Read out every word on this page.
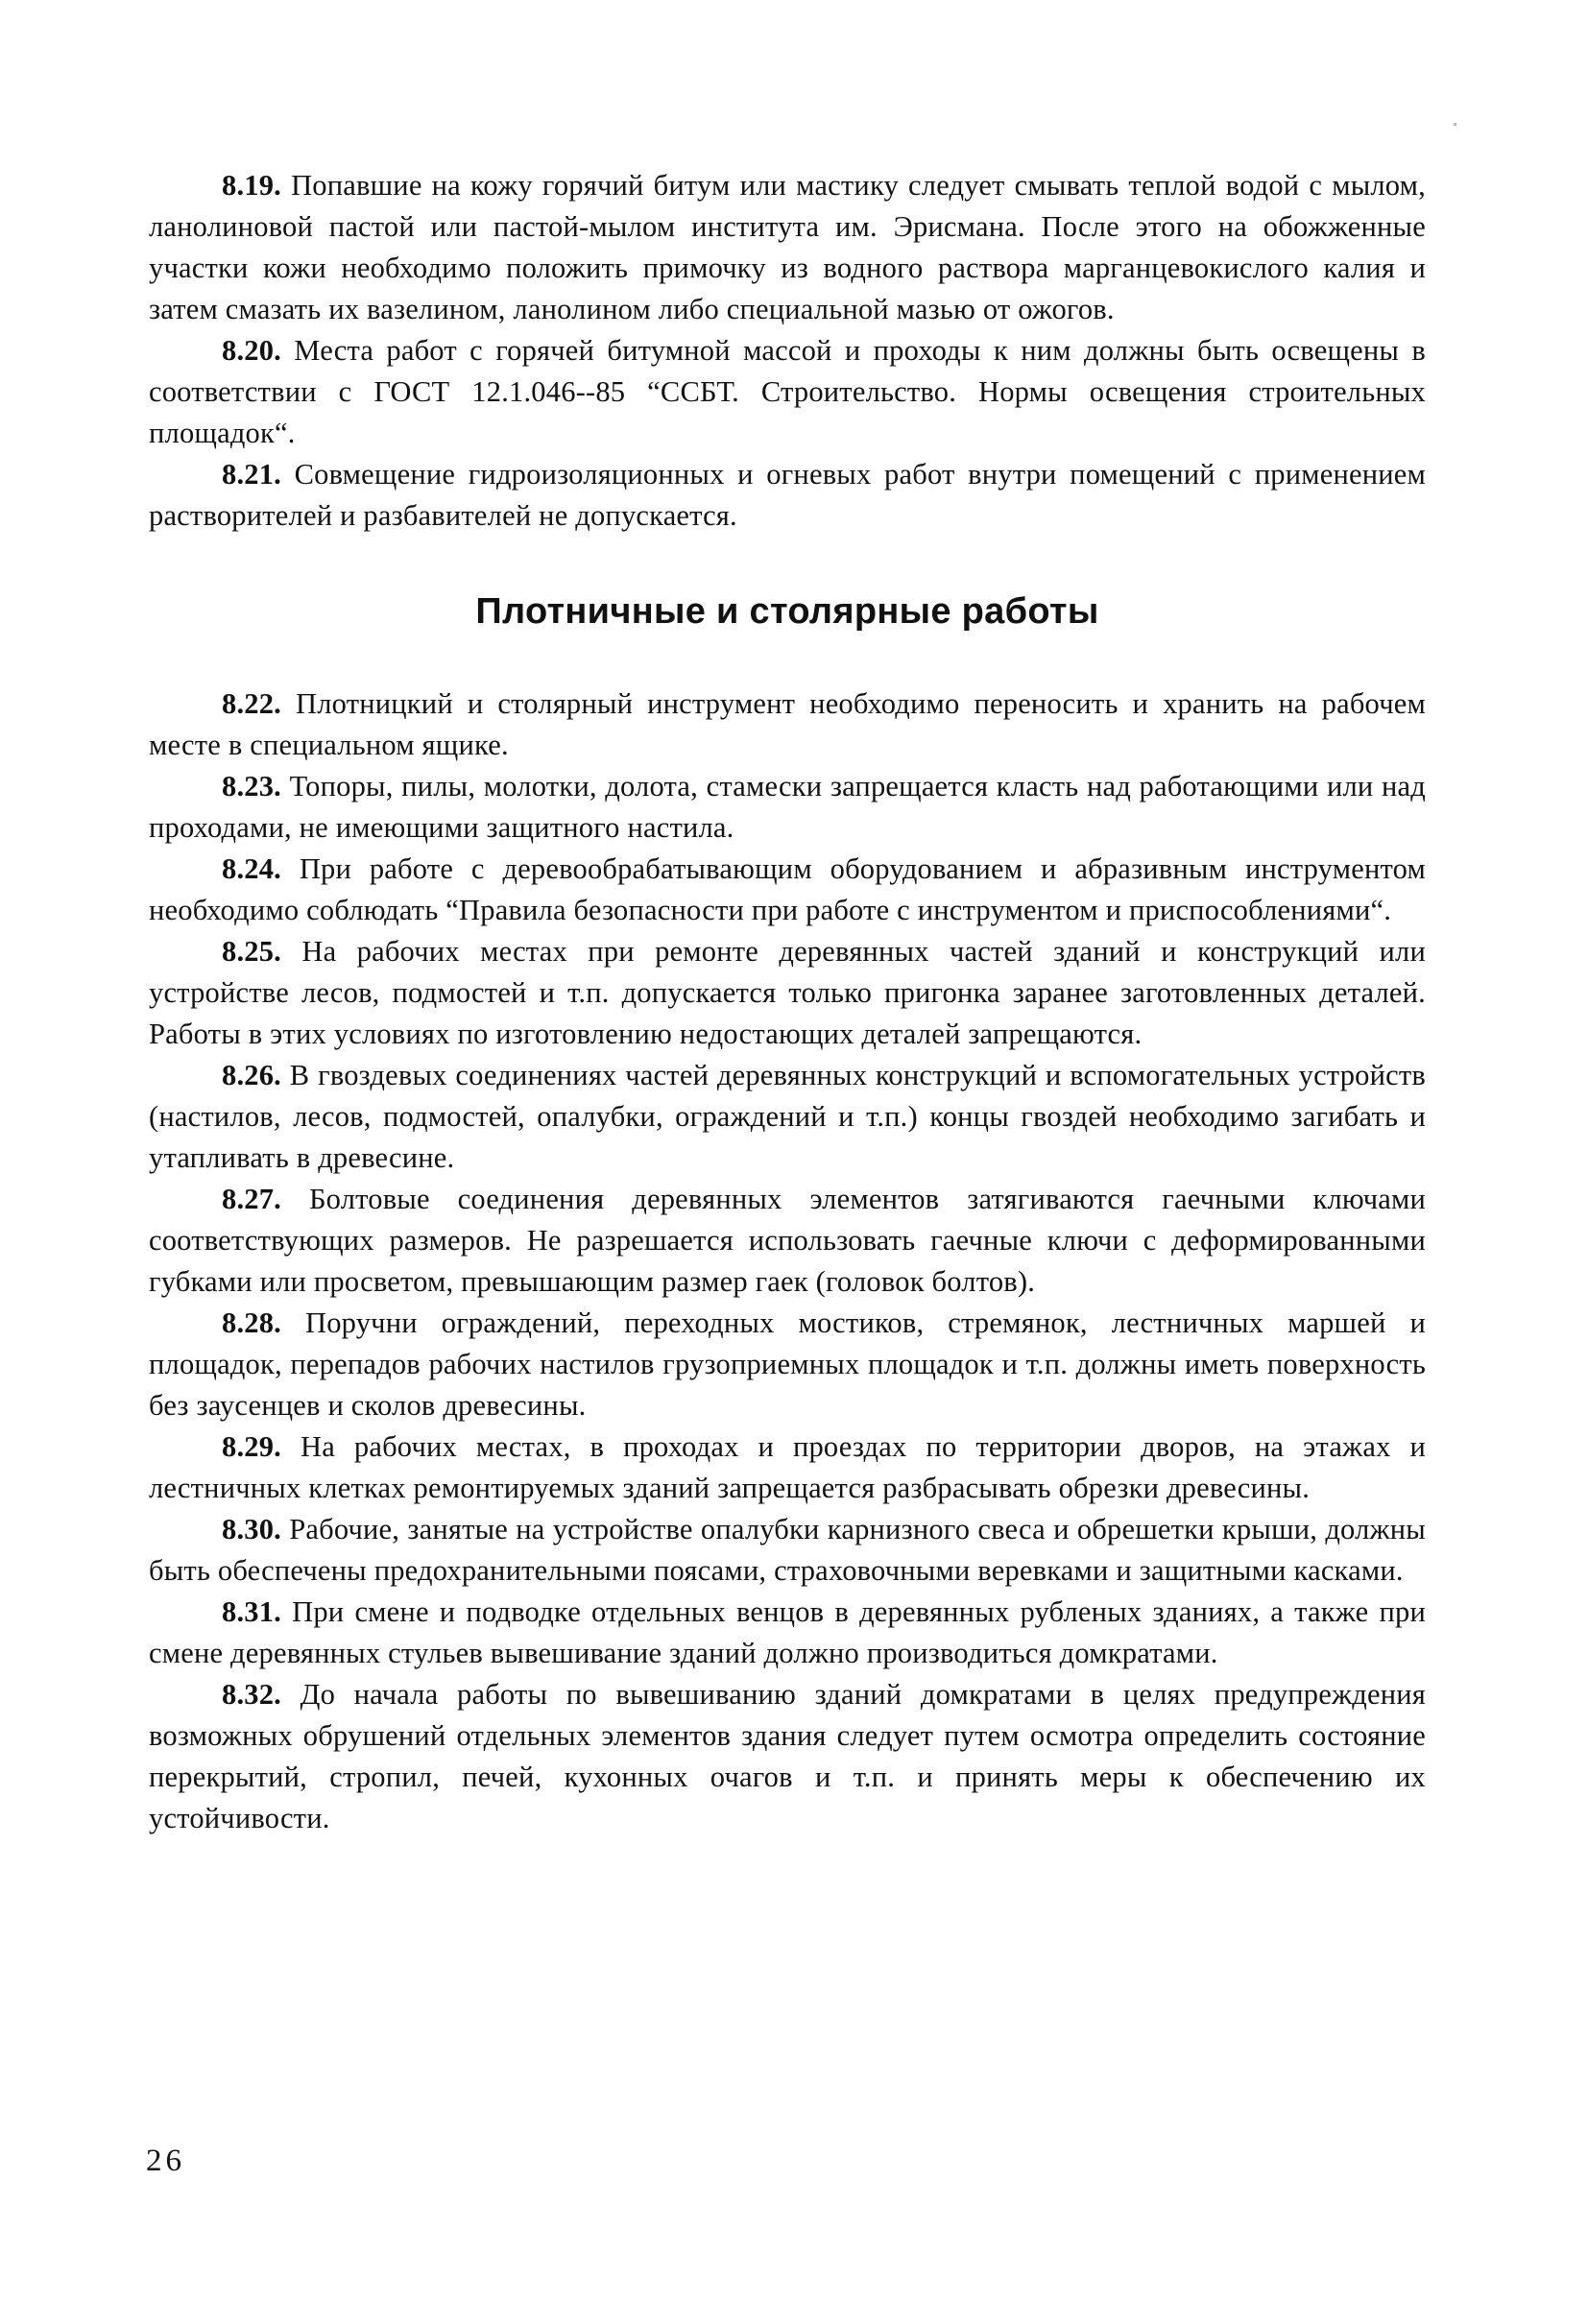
8.19. Попавшие на кожу горячий битум или мастику следует смывать теплой водой с мылом, ланолиновой пастой или пастой-мылом института им. Эрисмана. После этого на обожженные участки кожи необходимо положить примочку из водного раствора марганцевокислого калия и затем смазать их вазелином, ланолином либо специальной мазью от ожогов.

8.20. Места работ с горячей битумной массой и проходы к ним должны быть освещены в соответствии с ГОСТ 12.1.046--85 “ССБТ. Строительство. Нормы освещения строительных площадок“.

8.21. Совмещение гидроизоляционных и огневых работ внутри помещений с применением растворителей и разбавителей не допускается.

Плотничные и столярные работы

8.22. Плотницкий и столярный инструмент необходимо переносить и хранить на рабочем месте в специальном ящике.

8.23. Топоры, пилы, молотки, долота, стамески запрещается класть над работающими или над проходами, не имеющими защитного настила.

8.24. При работе с деревообрабатывающим оборудованием и абразивным инструментом необходимо соблюдать “Правила безопасности при работе с инструментом и приспособлениями“.

8.25. На рабочих местах при ремонте деревянных частей зданий и конструкций или устройстве лесов, подмостей и т.п. допускается только пригонка заранее заготовленных деталей. Работы в этих условиях по изготовлению недостающих деталей запрещаются.

8.26. В гвоздевых соединениях частей деревянных конструкций и вспомогательных устройств (настилов, лесов, подмостей, опалубки, ограждений и т.п.) концы гвоздей необходимо загибать и утапливать в древесине.

8.27. Болтовые соединения деревянных элементов затягиваются гаечными ключами соответствующих размеров. Не разрешается использовать гаечные ключи с деформированными губками или просветом, превышающим размер гаек (головок болтов).

8.28. Поручни ограждений, переходных мостиков, стремянок, лестничных маршей и площадок, перепадов рабочих настилов грузоприемных площадок и т.п. должны иметь поверхность без заусенцев и сколов древесины.

8.29. На рабочих местах, в проходах и проездах по территории дворов, на этажах и лестничных клетках ремонтируемых зданий запрещается разбрасывать обрезки древесины.

8.30. Рабочие, занятые на устройстве опалубки карнизного свеса и обрешетки крыши, должны быть обеспечены предохранительными поясами, страховочными веревками и защитными касками.

8.31. При смене и подводке отдельных венцов в деревянных рубленых зданиях, а также при смене деревянных стульев вывешивание зданий должно производиться домкратами.

8.32. До начала работы по вывешиванию зданий домкратами в целях предупреждения возможных обрушений отдельных элементов здания следует путем осмотра определить состояние перекрытий, стропил, печей, кухонных очагов и т.п. и принять меры к обеспечению их устойчивости.

26
